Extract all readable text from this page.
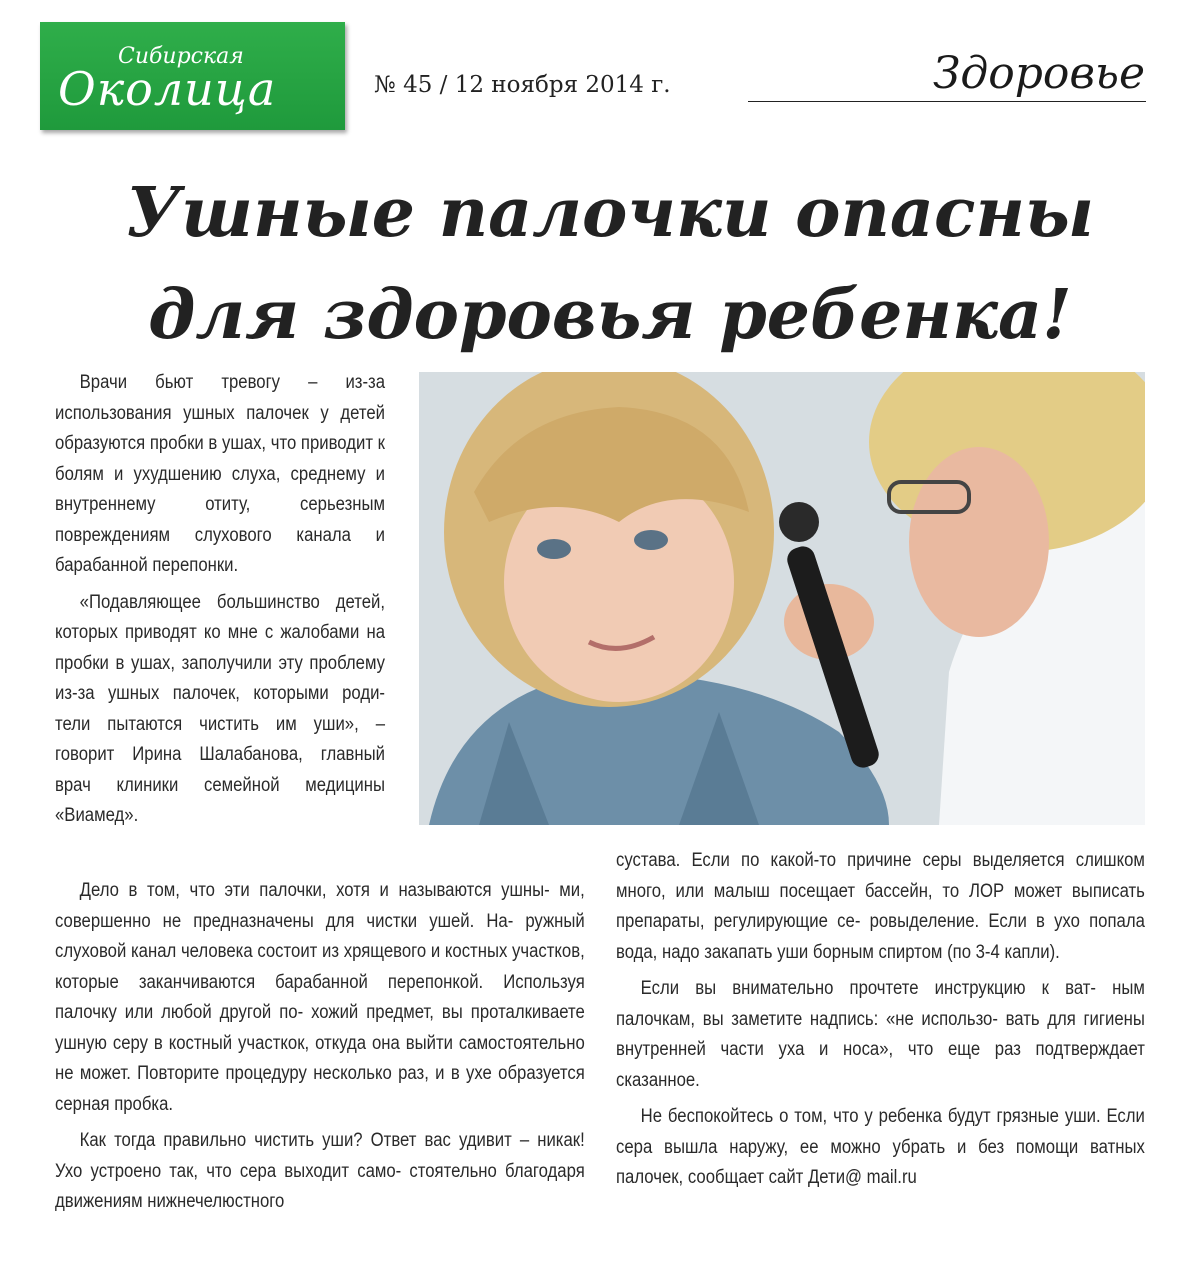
Сибирская
Околица	№ 45 / 12 ноября 2014 г.	Здоровье
Ушные палочки опасны
для здоровья ребенка!

Врачи бьют тревогу – из-за использования ушных палочек у детей образуются пробки в ушах, что приводит к болям и ухудшению слуха, среднему и внутреннему отиту, серьезным повреждениям слухового канала и барабанной перепонки.

«Подавляющее большинство детей, которых приводят ко мне с жалобами на пробки в ушах, заполучили эту проблему из-за ушных палочек, которыми роди- тели пытаются чистить им уши», – говорит Ирина Шалабанова, главный врач клиники семейной медицины «Виамед».

Дело в том, что эти палочки, хотя и называются ушны- ми, совершенно не предназначены для чистки ушей. На- ружный слуховой канал человека состоит из хрящевого и костных участков, которые заканчиваются барабанной перепонкой. Используя палочку или любой другой по- хожий предмет, вы проталкиваете ушную серу в костный участкок, откуда она выйти самостоятельно не может. Повторите процедуру несколько раз, и в ухе образуется серная пробка.

Как тогда правильно чистить уши? Ответ вас удивит – никак! Ухо устроено так, что сера выходит само- стоятельно благодаря движениям нижнечелюстного

сустава. Если по какой-то причине серы выделяется слишком много, или малыш посещает бассейн, то ЛОР может выписать препараты, регулирующие се- ровыделение. Если в ухо попала вода, надо закапать уши борным спиртом (по 3-4 капли).

Если вы внимательно прочтете инструкцию к ват- ным палочкам, вы заметите надпись: «не использо- вать для гигиены внутренней части уха и носа», что еще раз подтверждает сказанное.

Не беспокойтесь о том, что у ребенка будут грязные уши. Если сера вышла наружу, ее можно убрать и без помощи ватных палочек, сообщает сайт Дети@ mail.ru
